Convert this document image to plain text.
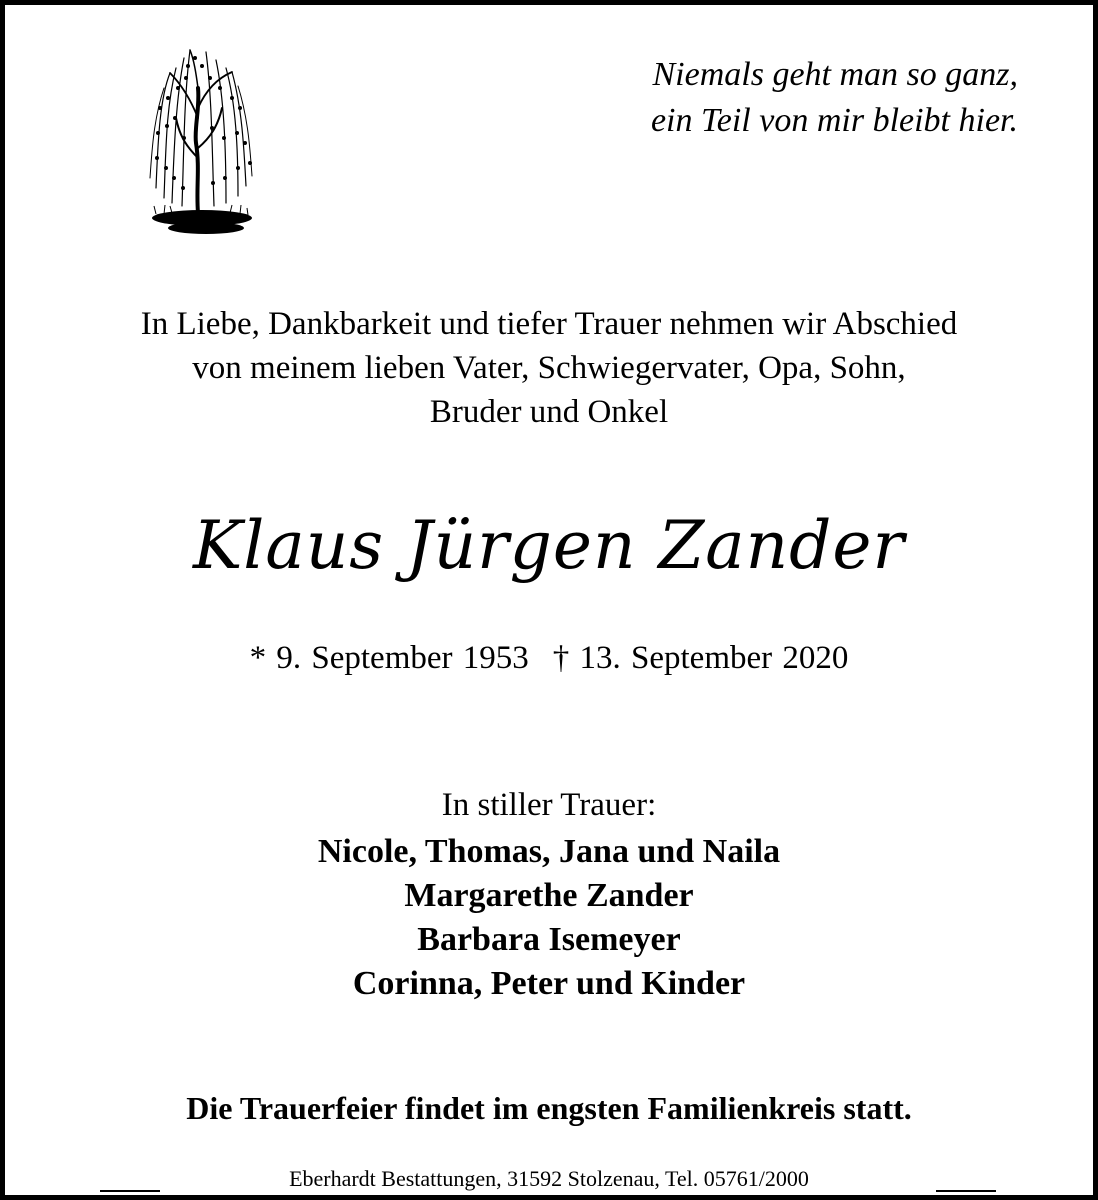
Niemals geht man so ganz,
ein Teil von mir bleibt hier.
In Liebe, Dankbarkeit und tiefer Trauer nehmen wir Abschied
von meinem lieben Vater, Schwiegervater, Opa, Sohn,
Bruder und Onkel
Klaus Jürgen Zander
* 9. September 1953 † 13. September 2020
In stiller Trauer:
Nicole, Thomas, Jana und Naila
Margarethe Zander
Barbara Isemeyer
Corinna, Peter und Kinder
Die Trauerfeier findet im engsten Familienkreis statt.
Eberhardt Bestattungen, 31592 Stolzenau, Tel. 05761/2000
